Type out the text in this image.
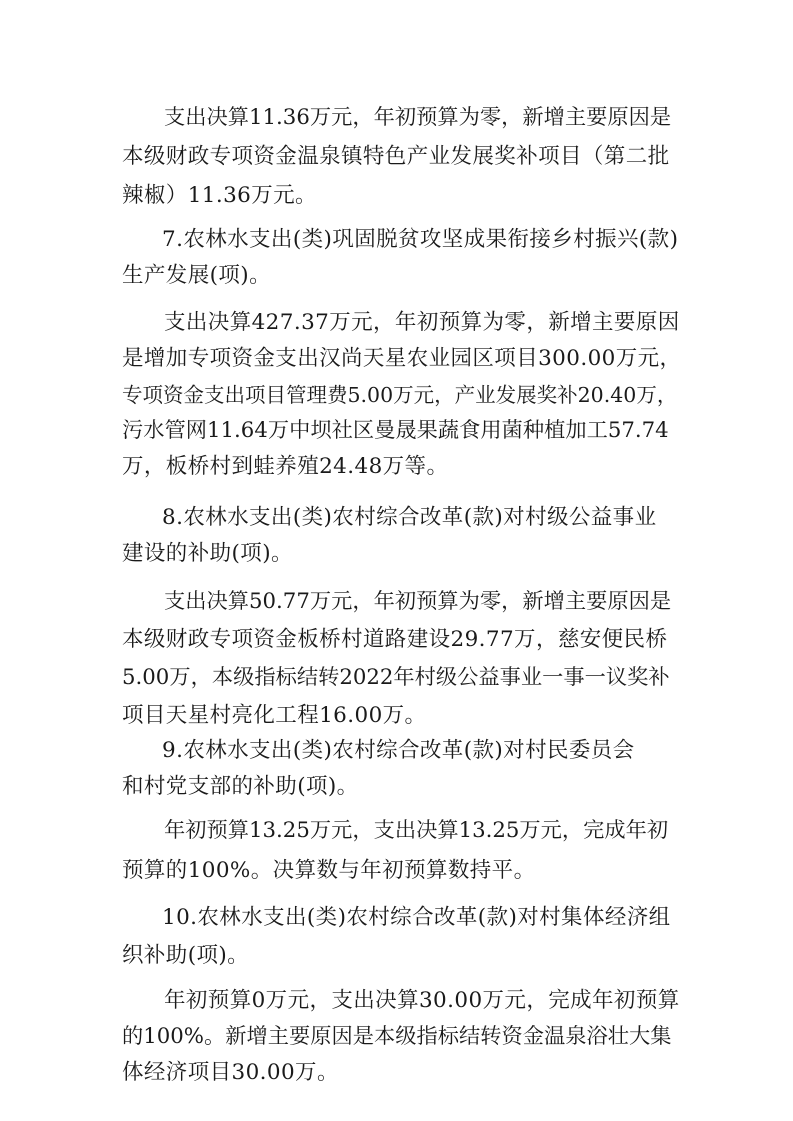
支出决算11.36万元，年初预算为零，新增主要原因是
本级财政专项资金温泉镇特色产业发展奖补项目（第二批
辣椒）11.36万元。
7.农林水支出(类)巩固脱贫攻坚成果衔接乡村振兴(款)
生产发展(项)。
支出决算427.37万元，年初预算为零，新增主要原因
是增加专项资金支出汉尚天星农业园区项目300.00万元，
专项资金支出项目管理费5.00万元，产业发展奖补20.40万，
污水管网11.64万中坝社区曼晟果蔬食用菌种植加工57.74
万，板桥村到蛙养殖24.48万等。
8.农林水支出(类)农村综合改革(款)对村级公益事业
建设的补助(项)。
支出决算50.77万元，年初预算为零，新增主要原因是
本级财政专项资金板桥村道路建设29.77万，慈安便民桥
5.00万，本级指标结转2022年村级公益事业一事一议奖补
项目天星村亮化工程16.00万。
9.农林水支出(类)农村综合改革(款)对村民委员会
和村党支部的补助(项)。
年初预算13.25万元，支出决算13.25万元，完成年初
预算的100%。决算数与年初预算数持平。
10.农林水支出(类)农村综合改革(款)对村集体经济组
织补助(项)。
年初预算0万元，支出决算30.00万元，完成年初预算
的100%。新增主要原因是本级指标结转资金温泉浴壮大集
体经济项目30.00万。
